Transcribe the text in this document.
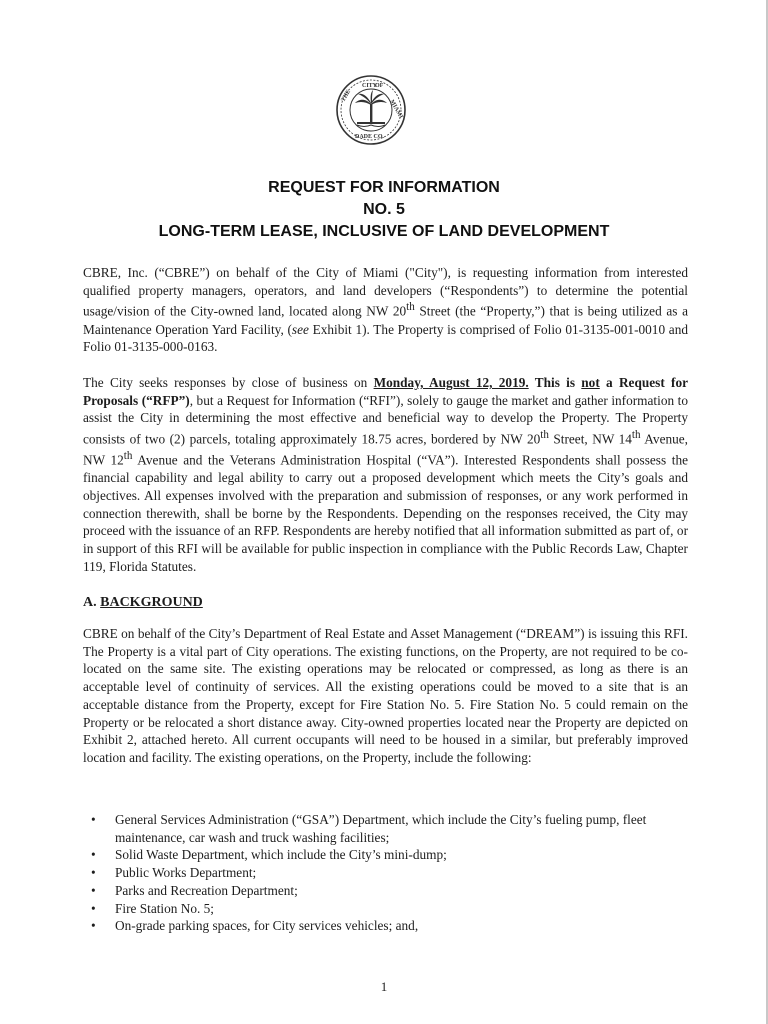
CITY
OF
MIAMI
THE
DADE CO.
REQUEST FOR INFORMATION
NO. 5
LONG-TERM LEASE, INCLUSIVE OF LAND DEVELOPMENT

CBRE, Inc. (“CBRE”) on behalf of the City of Miami ("City"), is requesting information from interested qualified property managers, operators, and land developers (“Respondents”) to determine the potential usage/vision of the City-owned land, located along NW 20th Street (the “Property,”) that is being utilized as a Maintenance Operation Yard Facility, (see Exhibit 1). The Property is comprised of Folio 01-3135-001-0010 and Folio 01-3135-000-0163.

The City seeks responses by close of business on Monday, August 12, 2019. This is not a Request for Proposals (“RFP”), but a Request for Information (“RFI”), solely to gauge the market and gather information to assist the City in determining the most effective and beneficial way to develop the Property. The Property consists of two (2) parcels, totaling approximately 18.75 acres, bordered by NW 20th Street, NW 14th Avenue, NW 12th Avenue and the Veterans Administration Hospital (“VA”). Interested Respondents shall possess the financial capability and legal ability to carry out a proposed development which meets the City’s goals and objectives. All expenses involved with the preparation and submission of responses, or any work performed in connection therewith, shall be borne by the Respondents. Depending on the responses received, the City may proceed with the issuance of an RFP. Respondents are hereby notified that all information submitted as part of, or in support of this RFI will be available for public inspection in compliance with the Public Records Law, Chapter 119, Florida Statutes.

A. BACKGROUND

CBRE on behalf of the City’s Department of Real Estate and Asset Management (“DREAM”) is issuing this RFI. The Property is a vital part of City operations. The existing functions, on the Property, are not required to be co-located on the same site. The existing operations may be relocated or compressed, as long as there is an acceptable level of continuity of services. All the existing operations could be moved to a site that is an acceptable distance from the Property, except for Fire Station No. 5. Fire Station No. 5 could remain on the Property or be relocated a short distance away. City-owned properties located near the Property are depicted on Exhibit 2, attached hereto. All current occupants will need to be housed in a similar, but preferably improved location and facility. The existing operations, on the Property, include the following:

• General Services Administration (“GSA”) Department, which include the City’s fueling pump, fleet maintenance, car wash and truck washing facilities;
• Solid Waste Department, which include the City’s mini-dump;
• Public Works Department;
• Parks and Recreation Department;
• Fire Station No. 5;
• On-grade parking spaces, for City services vehicles; and,
1
